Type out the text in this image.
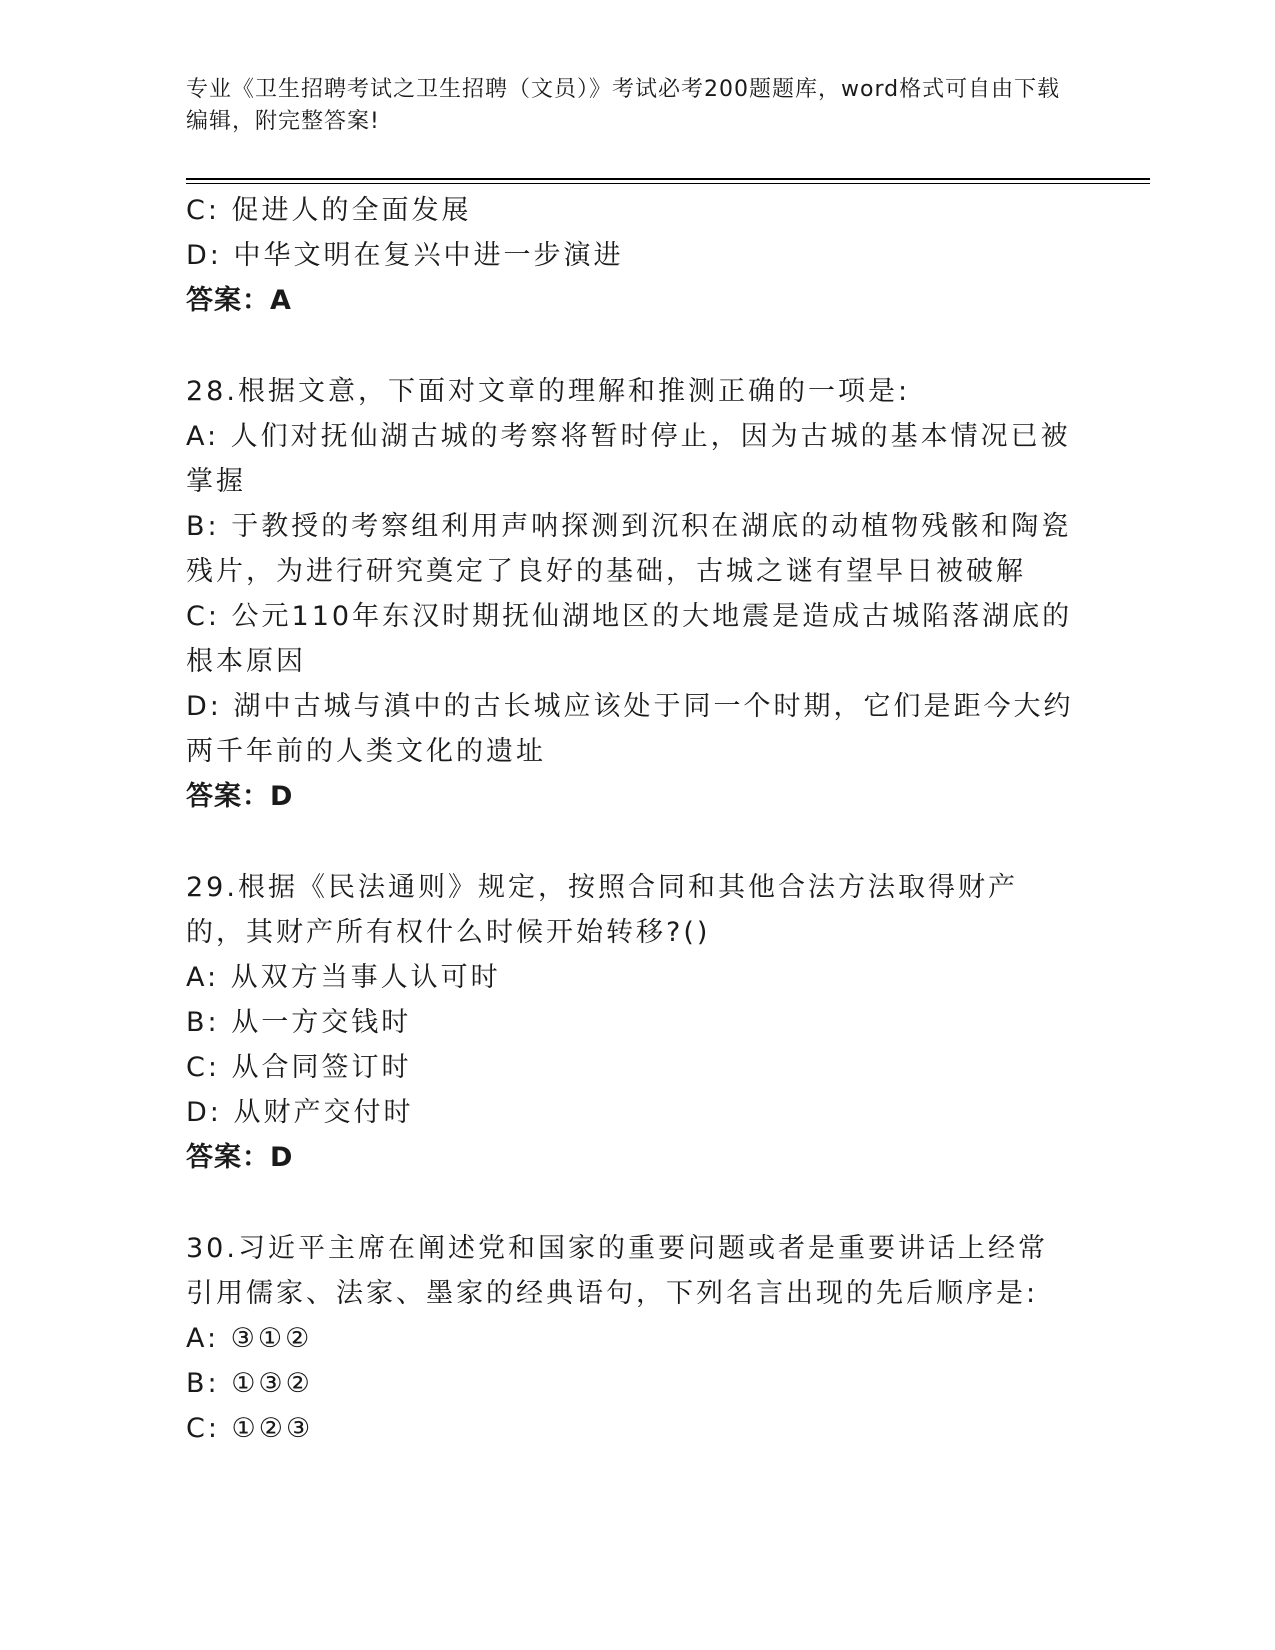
专业《卫生招聘考试之卫生招聘（文员）》考试必考200题题库，word格式可自由下载编辑，附完整答案!
C: 促进人的全面发展
D: 中华文明在复兴中进一步演进
答案：A
28.根据文意，下面对文章的理解和推测正确的一项是:
A: 人们对抚仙湖古城的考察将暂时停止，因为古城的基本情况已被掌握
B: 于教授的考察组利用声呐探测到沉积在湖底的动植物残骸和陶瓷残片，为进行研究奠定了良好的基础，古城之谜有望早日被破解
C: 公元110年东汉时期抚仙湖地区的大地震是造成古城陷落湖底的根本原因
D: 湖中古城与滇中的古长城应该处于同一个时期，它们是距今大约两千年前的人类文化的遗址
答案：D
29.根据《民法通则》规定，按照合同和其他合法方法取得财产的，其财产所有权什么时候开始转移?()
A: 从双方当事人认可时
B: 从一方交钱时
C: 从合同签订时
D: 从财产交付时
答案：D
30.习近平主席在阐述党和国家的重要问题或者是重要讲话上经常引用儒家、法家、墨家的经典语句，下列名言出现的先后顺序是:
A: ③①②
B: ①③②
C: ①②③
